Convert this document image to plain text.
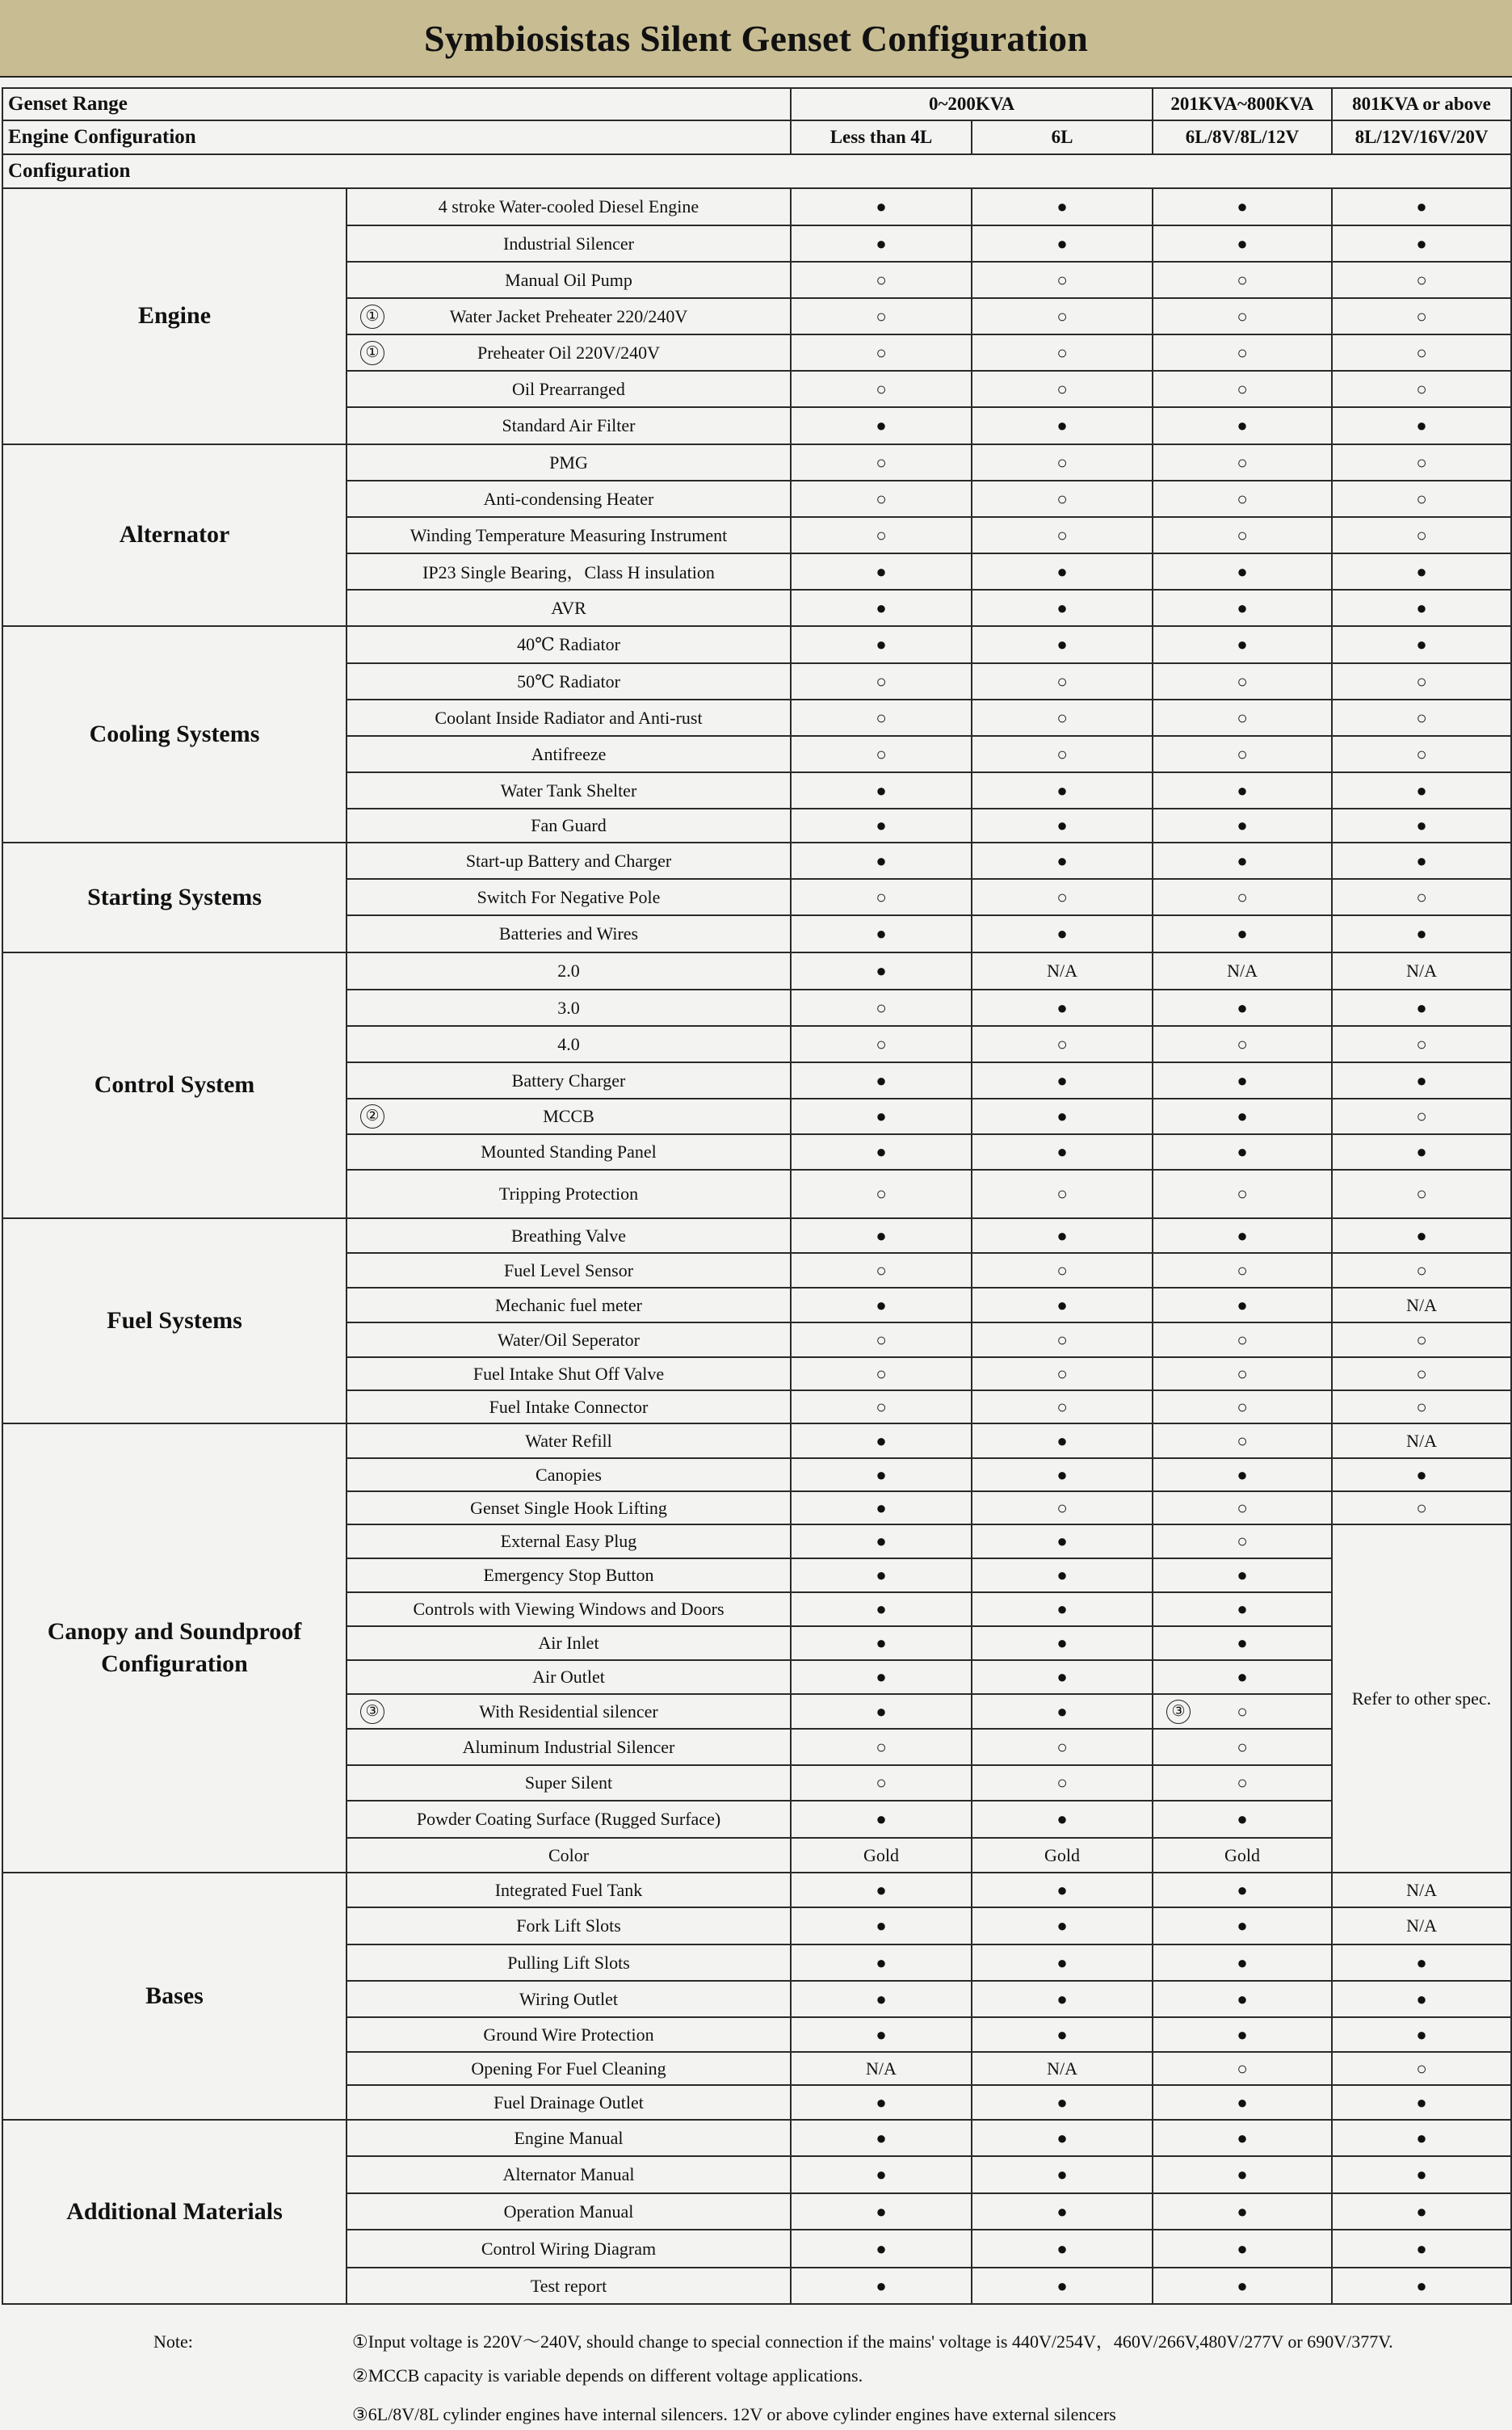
Symbiosistas Silent Genset Configuration
Genset Range		0~200KVA		201KVA~800KVA	801KVA or above
Engine Configuration		Less than 4L	6L	6L/8V/8L/12V	8L/12V/16V/20V
Configuration					
Engine	4 stroke Water-cooled Diesel Engine	●	●	●	●
	Industrial Silencer	●	●	●	●
	Manual Oil Pump	○	○	○	○

	① Water Jacket Preheater 220/240V	○	○	○	○

	① Preheater Oil 220V/240V	○	○	○	○
	Oil Prearranged	○	○	○	○
	Standard Air Filter	●	●	●	●
Alternator	PMG	○	○	○	○
	Anti-condensing Heater	○	○	○	○
	Winding Temperature Measuring Instrument	○	○	○	○
	IP23 Single Bearing，Class H insulation	●	●	●	●
	AVR	●	●	●	●
Cooling Systems	40℃ Radiator	●	●	●	●
	50℃ Radiator	○	○	○	○
	Coolant Inside Radiator and Anti-rust	○	○	○	○
	Antifreeze	○	○	○	○
	Water Tank Shelter	●	●	●	●
	Fan Guard	●	●	●	●
Starting Systems	Start-up Battery and Charger	●	●	●	●
	Switch For Negative Pole	○	○	○	○
	Batteries and Wires	●	●	●	●
Control System	2.0	●	N/A	N/A	N/A
	3.0	○	●	●	●
	4.0	○	○	○	○
	Battery Charger	●	●	●	●

	② MCCB	●	●	●	○
	Mounted Standing Panel	●	●	●	●
	Tripping Protection	○	○	○	○
Fuel Systems	Breathing Valve	●	●	●	●
	Fuel Level Sensor	○	○	○	○
	Mechanic fuel meter	●	●	●	N/A
	Water/Oil Seperator	○	○	○	○
	Fuel Intake Shut Off Valve	○	○	○	○
	Fuel Intake Connector	○	○	○	○
Canopy and Soundproof Configuration	Water Refill	●	●	○	N/A
	Canopies	●	●	●	●
	Genset Single Hook Lifting	●	○	○	○
	External Easy Plug	●	●	○	Refer to other spec.
	Emergency Stop Button	●	●	●	
	Controls with Viewing Windows and Doors	●	●	●	
	Air Inlet	●	●	●	
	Air Outlet	●	●	●	

	③ With Residential silencer	●	●	③ ○	
	Aluminum Industrial Silencer	○	○	○	
	Super Silent	○	○	○	
	Powder Coating Surface (Rugged Surface)	●	●	●	
	Color	Gold	Gold	Gold	
Bases	Integrated Fuel Tank	●	●	●	N/A
	Fork Lift Slots	●	●	●	N/A
	Pulling Lift Slots	●	●	●	●
	Wiring Outlet	●	●	●	●
	Ground Wire Protection	●	●	●	●
	Opening For Fuel Cleaning	N/A	N/A	○	○
	Fuel Drainage Outlet	●	●	●	●
Additional Materials	Engine Manual	●	●	●	●
	Alternator Manual	●	●	●	●
	Operation Manual	●	●	●	●
	Control Wiring Diagram	●	●	●	●
	Test report	●	●	●	●
Note:	①Input voltage is 220V～240V, should change to special connection if the mains' voltage is 440V/254V，460V/266V,480V/277V or 690V/377V.
②MCCB capacity is variable depends on different voltage applications.
③6L/8V/8L cylinder engines have internal silencers. 12V or above cylinder engines have external silencers
